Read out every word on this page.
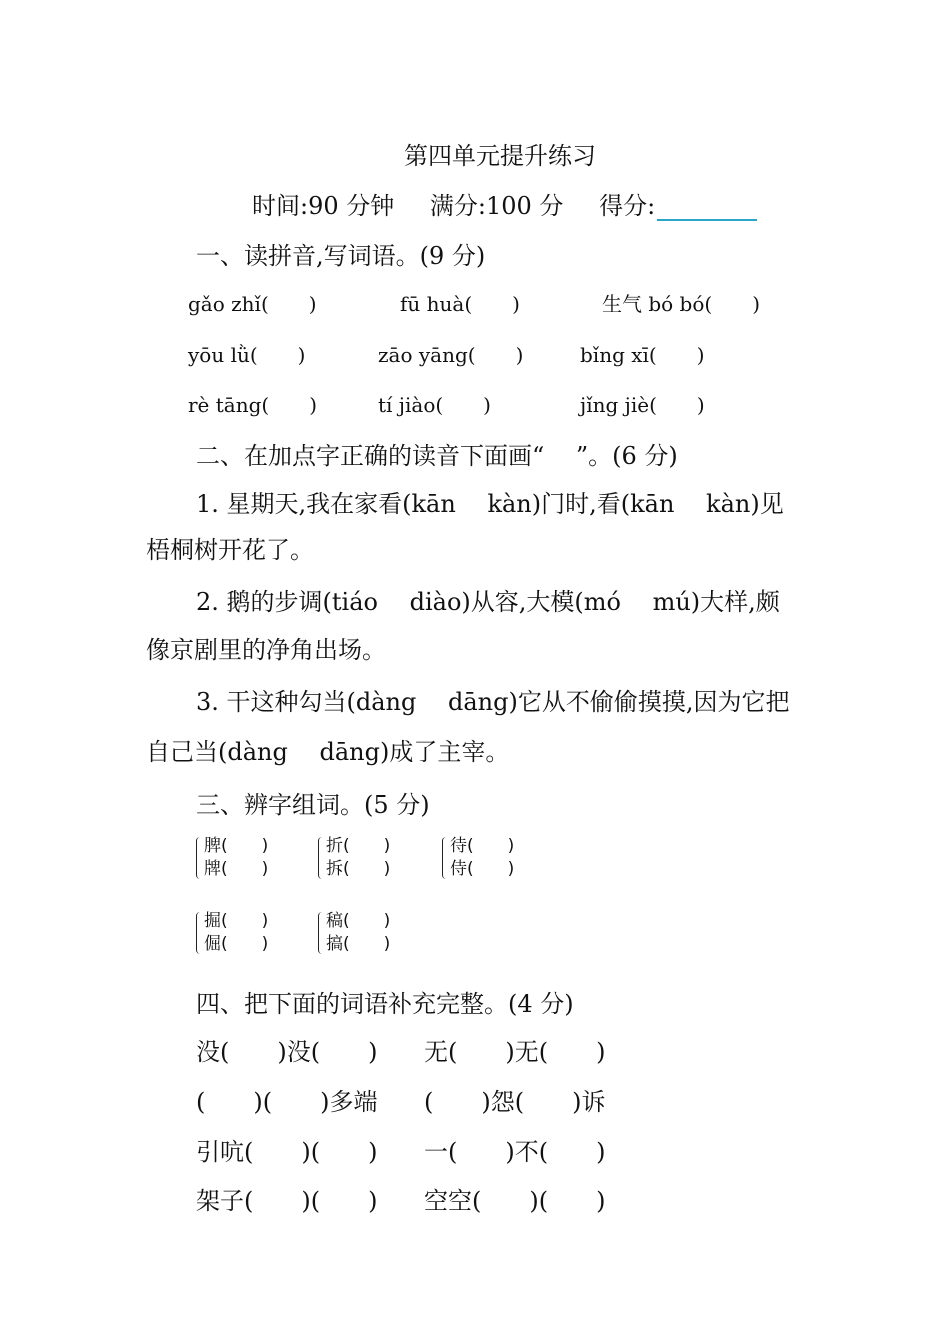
第四单元提升练习
时间:90 分钟 满分:100 分 得分:
一、读拼音,写词语。(9 分)
gǎo zhǐ(　　)	fū huà(　　)	生气 bó bó(　　)
yōu lǜ(　　)	zāo yāng(　　)	bǐng xī(　　)
rè tāng(　　)	tí jiào(　　)	jǐng jiè(　　)
二、在加点字正确的读音下面画“　 ”。(6 分)
1. 星期天,我在家看(kān　 kàn)门时,看(kān　 kàn)见
梧桐树开花了。
2. 鹅的步调(tiáo　 diào)从容,大模(mó　 mú)大样,颇
像京剧里的净角出场。
3. 干这种勾当(dàng　 dāng)它从不偷偷摸摸,因为它把
自己当(dàng　 dāng)成了主宰。
三、辨字组词。(5 分)
脾(　　)
牌(　　)
折(　　)
拆(　　)
待(　　)
侍(　　)
掘(　　)
倔(　　)
稿(　　)
搞(　　)
四、把下面的词语补充完整。(4 分)
没(　　)没(　　) 无(　　)无(　　)
(　　)(　　)多端 (　　)怨(　　)诉
引吭(　　)(　　) 一(　　)不(　　)
架子(　　)(　　) 空空(　　)(　　)
